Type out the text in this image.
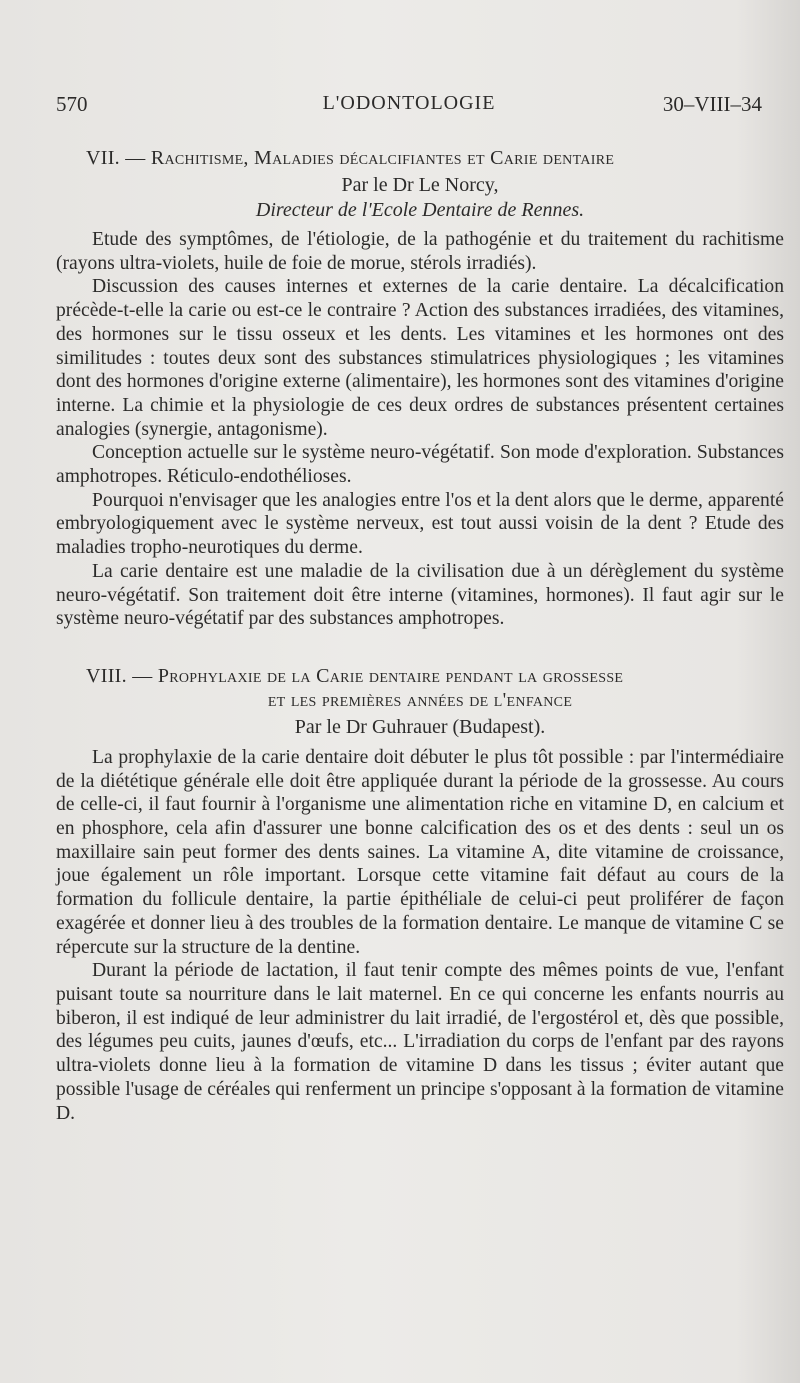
570	L'ODONTOLOGIE	30–VIII–34
VII. — Rachitisme, Maladies décalcifiantes et Carie dentaire
Par le Dr Le Norcy,
Directeur de l'Ecole Dentaire de Rennes.

Etude des symptômes, de l'étiologie, de la pathogénie et du traitement du rachitisme (rayons ultra-violets, huile de foie de morue, stérols irradiés).

Discussion des causes internes et externes de la carie dentaire. La décalcification précède-t-elle la carie ou est-ce le contraire ? Action des substances irradiées, des vitamines, des hormones sur le tissu osseux et les dents. Les vitamines et les hormones ont des similitudes : toutes deux sont des substances stimulatrices physiologiques ; les vitamines dont des hormones d'origine externe (alimentaire), les hormones sont des vitamines d'origine interne. La chimie et la physiologie de ces deux ordres de substances présentent certaines analogies (synergie, antagonisme).

Conception actuelle sur le système neuro-végétatif. Son mode d'exploration. Substances amphotropes. Réticulo-endothélioses.

Pourquoi n'envisager que les analogies entre l'os et la dent alors que le derme, apparenté embryologiquement avec le système nerveux, est tout aussi voisin de la dent ? Etude des maladies tropho-neurotiques du derme.

La carie dentaire est une maladie de la civilisation due à un dérèglement du système neuro-végétatif. Son traitement doit être interne (vitamines, hormones). Il faut agir sur le système neuro-végétatif par des substances amphotropes.

VIII. — Prophylaxie de la Carie dentaire pendant la grossesse
et les premières années de l'enfance
Par le Dr Guhrauer (Budapest).

La prophylaxie de la carie dentaire doit débuter le plus tôt possible : par l'intermédiaire de la diététique générale elle doit être appliquée durant la période de la grossesse. Au cours de celle-ci, il faut fournir à l'organisme une alimentation riche en vitamine D, en calcium et en phosphore, cela afin d'assurer une bonne calcification des os et des dents : seul un os maxillaire sain peut former des dents saines. La vitamine A, dite vitamine de croissance, joue également un rôle important. Lorsque cette vitamine fait défaut au cours de la formation du follicule dentaire, la partie épithéliale de celui-ci peut proliférer de façon exagérée et donner lieu à des troubles de la formation dentaire. Le manque de vitamine C se répercute sur la structure de la dentine.

Durant la période de lactation, il faut tenir compte des mêmes points de vue, l'enfant puisant toute sa nourriture dans le lait maternel. En ce qui concerne les enfants nourris au biberon, il est indiqué de leur administrer du lait irradié, de l'ergostérol et, dès que possible, des légumes peu cuits, jaunes d'œufs, etc... L'irradiation du corps de l'enfant par des rayons ultra-violets donne lieu à la formation de vitamine D dans les tissus ; éviter autant que possible l'usage de céréales qui renferment un principe s'opposant à la formation de vitamine D.
